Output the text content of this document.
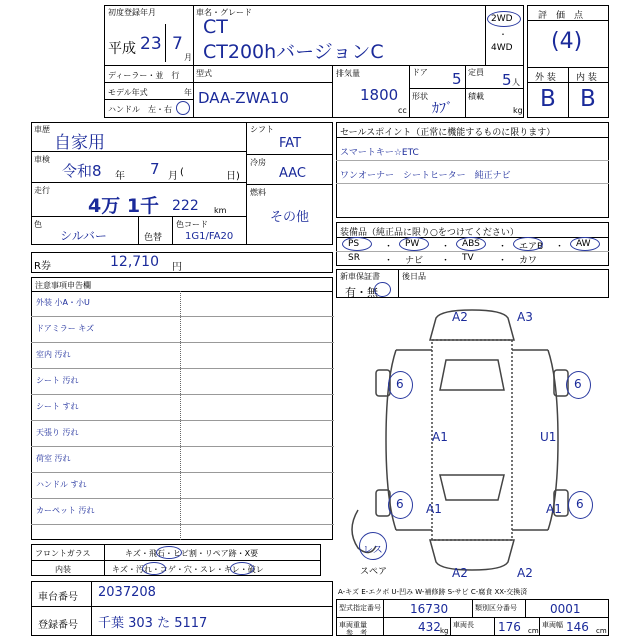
初度登録年月
平成 23 7
月
車名・グレード
CT
CT200hバージョンC
2WD
・
4WD
ディーラー・並　行
モデル年式	年
ハンドル　左・右
型式
DAA-ZWA10
排気量
1800
cc
ドア 5 定員 5 人
形状
ｶﾌﾞ
積載
kg
評　価　点
(4)
外 装 内 装
B B
車歴
自家用
車検
令和8 年 7 月 (	日)
走行
4万 1千 222 km
色
シルバー	色替
色コード
1G1/FA20
シフト
FAT
冷房
AAC
燃料
その他
R券	12,710 円
セールスポイント（正常に機能するものに限ります）
スマートキー☆ETC
ワンオーナー　シートヒーター　純正ナビ
装備品（純正品に限り○をつけてください）
PS	・ PW ・ ABS ・ エアB ・ AW
SR	・ ナビ ・ TV	・ カワ
新車保証書	後日品
有・無
注意事項申告欄
外装 小A・小U
ドアミラー キズ
室内 汚れ
シート 汚れ
シート すれ
天張り 汚れ
荷室 汚れ
ハンドル すれ
カーペット 汚れ
フロントガラス	キズ・飛石・ヒビ割・リペア跡・X要
内装	キズ・汚れ・コゲ・穴・スレ・キレ・破レ
車台番号 2037208
登録番号 千葉 303 た 5117
A2	A3
6	6
A1	U1
6	6
A1	A1
A2	A2
レス
スペア
A-キズ E-エクボ U-凹み W-補修跡 S-サビ C-腐食 XX-交換済
型式指定番号 16730	類別区分番号	0001
車両重量
参　考	432 kg
車両長 176 cm
車両幅 146 cm
